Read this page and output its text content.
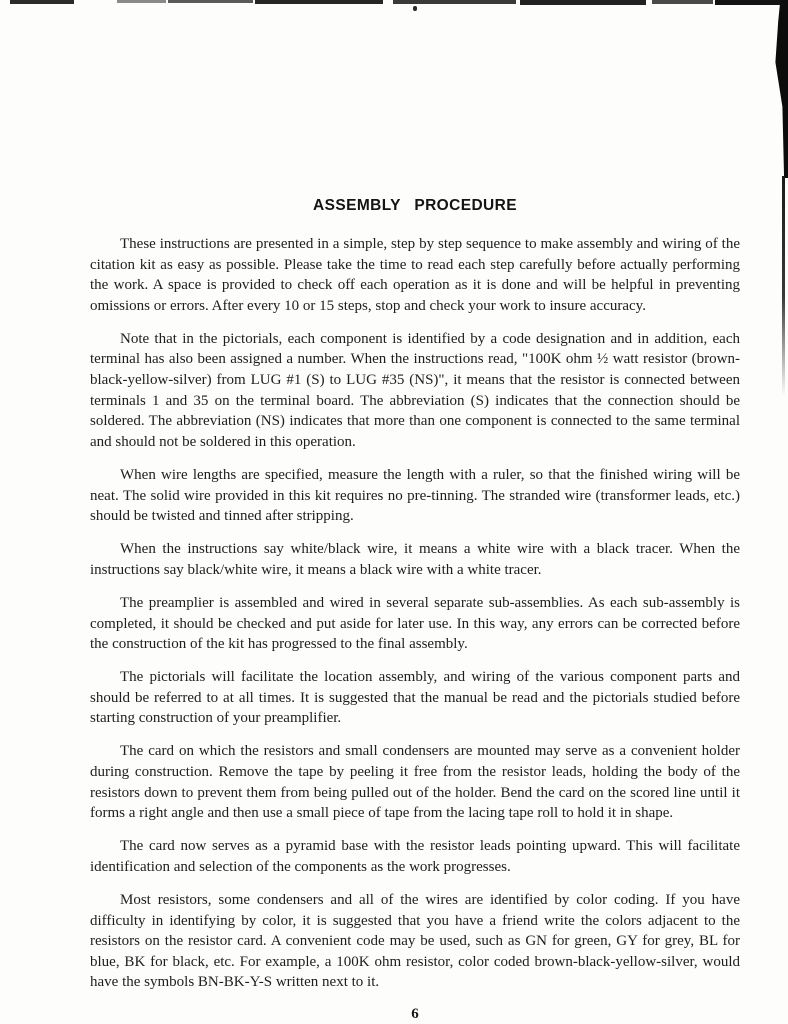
ASSEMBLY PROCEDURE

These instructions are presented in a simple, step by step sequence to make assembly and wiring of the citation kit as easy as possible. Please take the time to read each step carefully before actually performing the work. A space is provided to check off each operation as it is done and will be helpful in preventing omissions or errors. After every 10 or 15 steps, stop and check your work to insure accuracy.

Note that in the pictorials, each component is identified by a code designation and in addition, each terminal has also been assigned a number. When the instructions read, "100K ohm ½ watt resistor (brown-black-yellow-silver) from LUG #1 (S) to LUG #35 (NS)", it means that the resistor is connected between terminals 1 and 35 on the terminal board. The abbreviation (S) indicates that the connection should be soldered. The abbreviation (NS) indicates that more than one component is connected to the same terminal and should not be soldered in this operation.

When wire lengths are specified, measure the length with a ruler, so that the finished wiring will be neat. The solid wire provided in this kit requires no pre-tinning. The stranded wire (transformer leads, etc.) should be twisted and tinned after stripping.

When the instructions say white/black wire, it means a white wire with a black tracer. When the instructions say black/white wire, it means a black wire with a white tracer.

The preamplier is assembled and wired in several separate sub-assemblies. As each sub-assembly is completed, it should be checked and put aside for later use. In this way, any errors can be corrected before the construction of the kit has progressed to the final assembly.

The pictorials will facilitate the location assembly, and wiring of the various component parts and should be referred to at all times. It is suggested that the manual be read and the pictorials studied before starting construction of your preamplifier.

The card on which the resistors and small condensers are mounted may serve as a convenient holder during construction. Remove the tape by peeling it free from the resistor leads, holding the body of the resistors down to prevent them from being pulled out of the holder. Bend the card on the scored line until it forms a right angle and then use a small piece of tape from the lacing tape roll to hold it in shape.

The card now serves as a pyramid base with the resistor leads pointing upward. This will facilitate identification and selection of the components as the work progresses.

Most resistors, some condensers and all of the wires are identified by color coding. If you have difficulty in identifying by color, it is suggested that you have a friend write the colors adjacent to the resistors on the resistor card. A convenient code may be used, such as GN for green, GY for grey, BL for blue, BK for black, etc. For example, a 100K ohm resistor, color coded brown-black-yellow-silver, would have the symbols BN-BK-Y-S written next to it.

6
